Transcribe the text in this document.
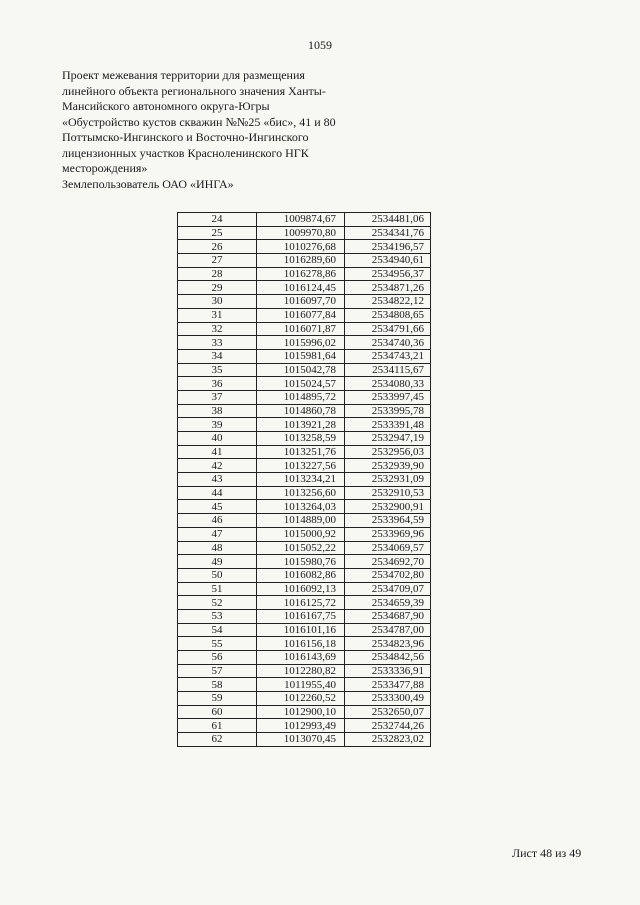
1059
Проект межевания территории для размещения
линейного объекта регионального значения Ханты-
Мансийского автономного округа-Югры
«Обустройство кустов скважин №№25 «бис», 41 и 80
Поттымско-Ингинского и Восточно-Ингинского
лицензионных участков Красноленинского НГК
месторождения»
Землепользователь ОАО «ИНГА»
24	1009874,67	2534481,06
25	1009970,80	2534341,76
26	1010276,68	2534196,57
27	1016289,60	2534940,61
28	1016278,86	2534956,37
29	1016124,45	2534871,26
30	1016097,70	2534822,12
31	1016077,84	2534808,65
32	1016071,87	2534791,66
33	1015996,02	2534740,36
34	1015981,64	2534743,21
35	1015042,78	2534115,67
36	1015024,57	2534080,33
37	1014895,72	2533997,45
38	1014860,78	2533995,78
39	1013921,28	2533391,48
40	1013258,59	2532947,19
41	1013251,76	2532956,03
42	1013227,56	2532939,90
43	1013234,21	2532931,09
44	1013256,60	2532910,53
45	1013264,03	2532900,91
46	1014889,00	2533964,59
47	1015000,92	2533969,96
48	1015052,22	2534069,57
49	1015980,76	2534692,70
50	1016082,86	2534702,80
51	1016092,13	2534709,07
52	1016125,72	2534659,39
53	1016167,75	2534687,90
54	1016101,16	2534787,00
55	1016156,18	2534823,96
56	1016143,69	2534842,56
57	1012280,82	2533336,91
58	1011955,40	2533477,88
59	1012260,52	2533300,49
60	1012900,10	2532650,07
61	1012993,49	2532744,26
62	1013070,45	2532823,02
Лист 48 из 49
